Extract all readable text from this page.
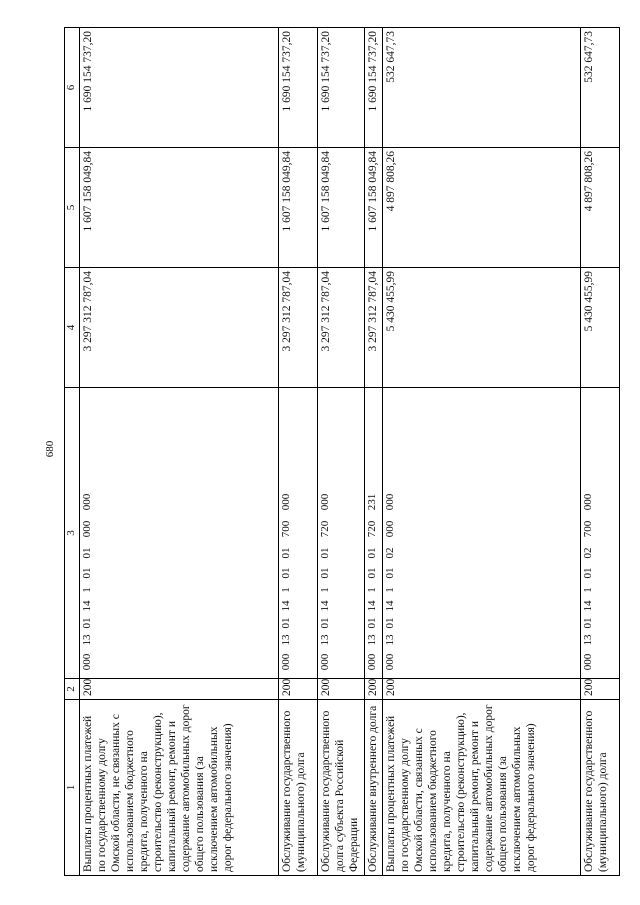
680
1	2	3	4	5	6
Выплаты процентных платежей по государственному долгу Омской области, не связанных с использованием бюджетного кредита, полученного на строительство (реконструкцию), капитальный ремонт, ремонт и содержание автомобильных дорог общего пользования (за исключением автомобильных дорог федерального значения)	200	00013011410101000000	3 297 312 787,04	1 607 158 049,84	1 690 154 737,20
Обслуживание государственного (муниципального) долга	200	00013011410101700000	3 297 312 787,04	1 607 158 049,84	1 690 154 737,20
Обслуживание государственного долга субъекта Российской Федерации	200	00013011410101720000	3 297 312 787,04	1 607 158 049,84	1 690 154 737,20
Обслуживание внутреннего долга	200	00013011410101720231	3 297 312 787,04	1 607 158 049,84	1 690 154 737,20
Выплаты процентных платежей по государственному долгу Омской области, связанных с использованием бюджетного кредита, полученного на строительство (реконструкцию), капитальный ремонт, ремонт и содержание автомобильных дорог общего пользования (за исключением автомобильных дорог федерального значения)	200	00013011410102000000	5 430 455,99	4 897 808,26	532 647,73
Обслуживание государственного (муниципального) долга	200	00013011410102700000	5 430 455,99	4 897 808,26	532 647,73
